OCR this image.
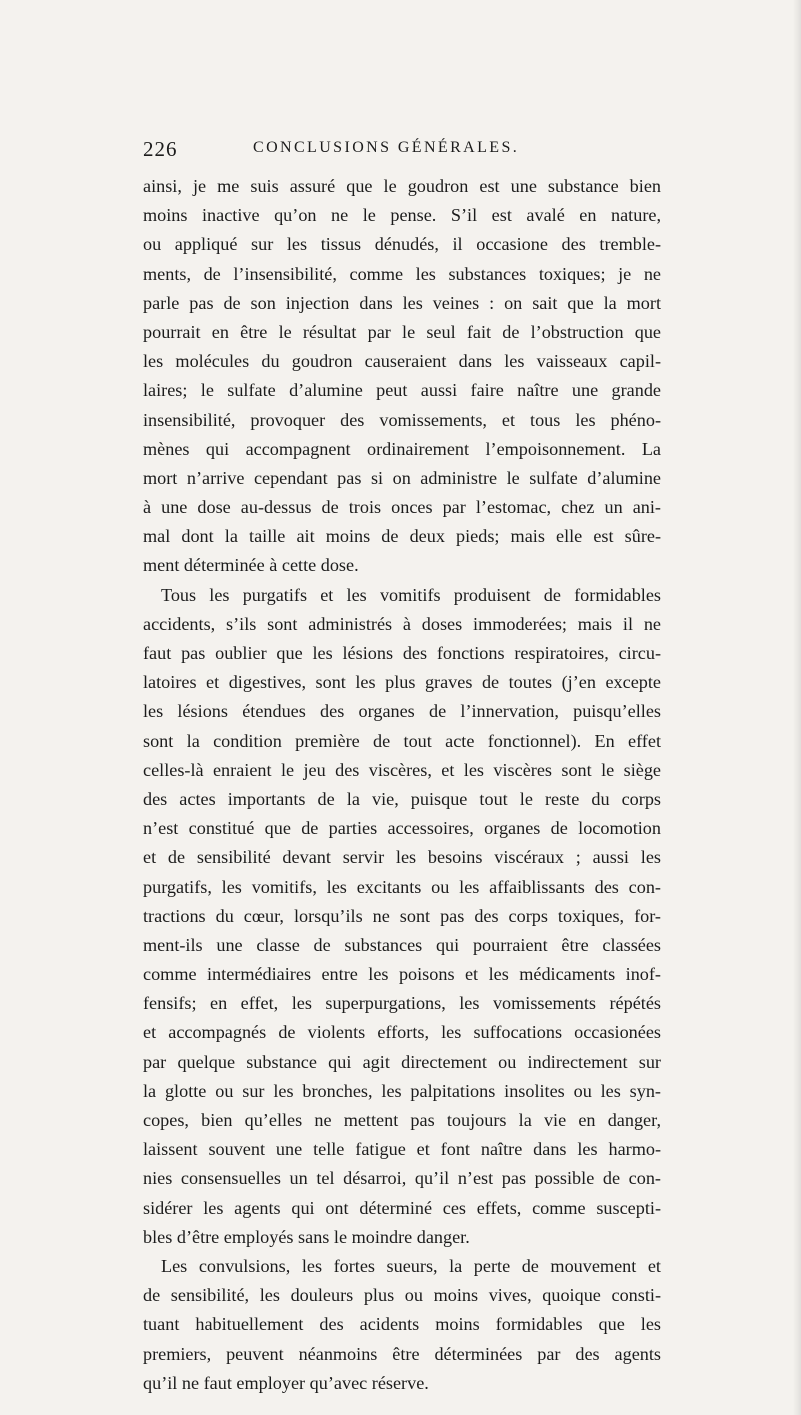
226	CONCLUSIONS GÉNÉRALES.
ainsi, je me suis assuré que le goudron est une substance bien
moins inactive qu’on ne le pense. S’il est avalé en nature,
ou appliqué sur les tissus dénudés, il occasione des tremble-
ments, de l’insensibilité, comme les substances toxiques; je ne
parle pas de son injection dans les veines : on sait que la mort
pourrait en être le résultat par le seul fait de l’obstruction que
les molécules du goudron causeraient dans les vaisseaux capil-
laires; le sulfate d’alumine peut aussi faire naître une grande
insensibilité, provoquer des vomissements, et tous les phéno-
mènes qui accompagnent ordinairement l’empoisonnement. La
mort n’arrive cependant pas si on administre le sulfate d’alumine
à une dose au-dessus de trois onces par l’estomac, chez un ani-
mal dont la taille ait moins de deux pieds; mais elle est sûre-
ment déterminée à cette dose.
Tous les purgatifs et les vomitifs produisent de formidables
accidents, s’ils sont administrés à doses immoderées; mais il ne
faut pas oublier que les lésions des fonctions respiratoires, circu-
latoires et digestives, sont les plus graves de toutes (j’en excepte
les lésions étendues des organes de l’innervation, puisqu’elles
sont la condition première de tout acte fonctionnel). En effet
celles-là enraient le jeu des viscères, et les viscères sont le siège
des actes importants de la vie, puisque tout le reste du corps
n’est constitué que de parties accessoires, organes de locomotion
et de sensibilité devant servir les besoins viscéraux ; aussi les
purgatifs, les vomitifs, les excitants ou les affaiblissants des con-
tractions du cœur, lorsqu’ils ne sont pas des corps toxiques, for-
ment-ils une classe de substances qui pourraient être classées
comme intermédiaires entre les poisons et les médicaments inof-
fensifs; en effet, les superpurgations, les vomissements répétés
et accompagnés de violents efforts, les suffocations occasionées
par quelque substance qui agit directement ou indirectement sur
la glotte ou sur les bronches, les palpitations insolites ou les syn-
copes, bien qu’elles ne mettent pas toujours la vie en danger,
laissent souvent une telle fatigue et font naître dans les harmo-
nies consensuelles un tel désarroi, qu’il n’est pas possible de con-
sidérer les agents qui ont déterminé ces effets, comme suscepti-
bles d’être employés sans le moindre danger.
Les convulsions, les fortes sueurs, la perte de mouvement et
de sensibilité, les douleurs plus ou moins vives, quoique consti-
tuant habituellement des acidents moins formidables que les
premiers, peuvent néanmoins être déterminées par des agents
qu’il ne faut employer qu’avec réserve.
